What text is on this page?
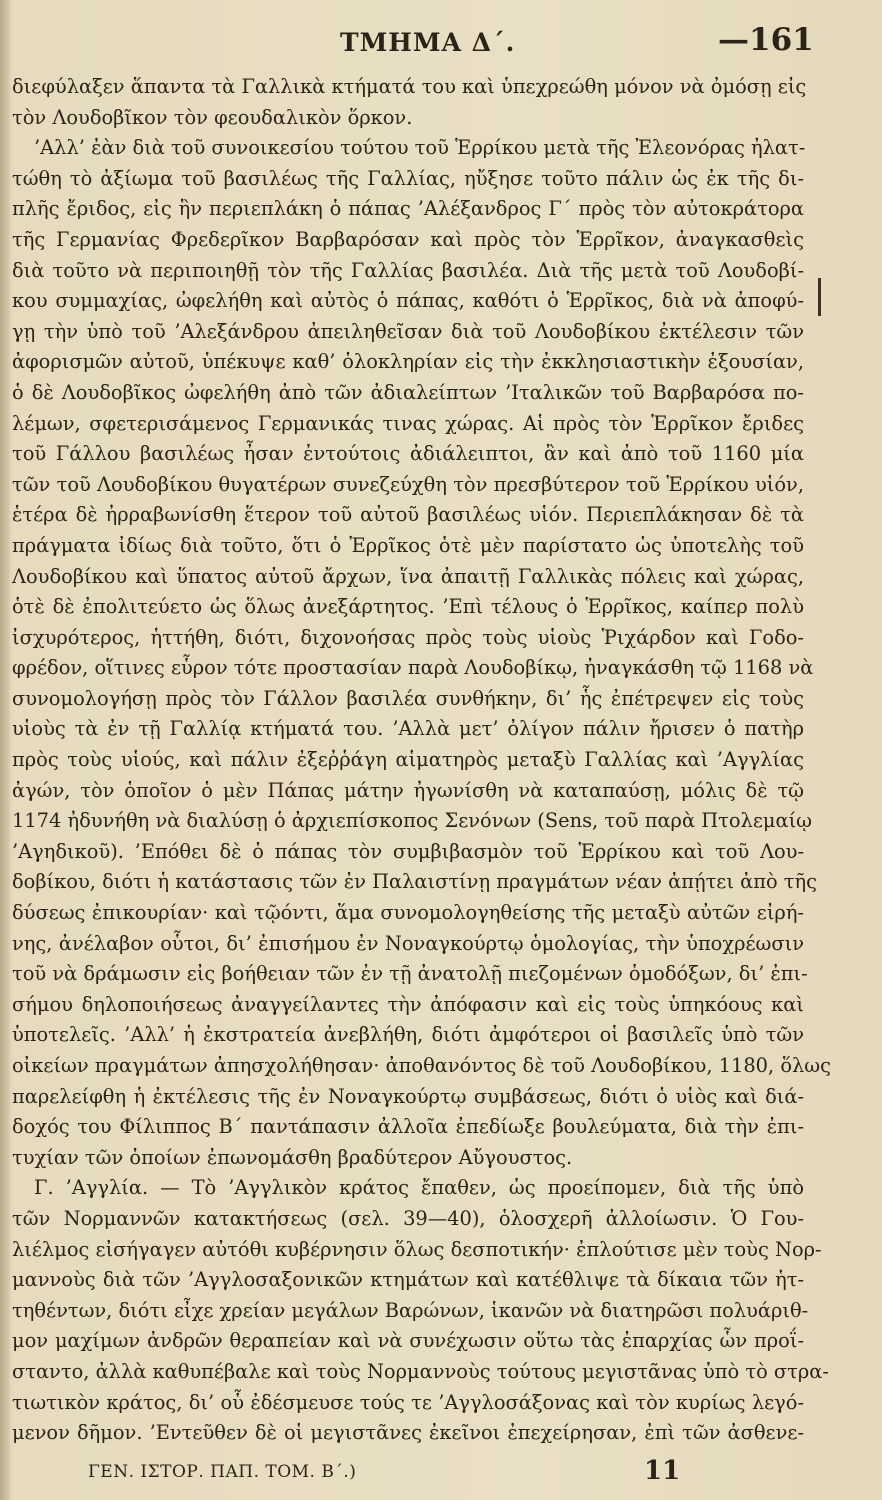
ΤΜΗΜΑ Δ΄.	—161
διεφύλαξεν ἅπαντα τὰ Γαλλικὰ κτήματά του καὶ ὑπεχρεώθη μόνον νὰ ὀμόσῃ εἰς
τὸν Λουδοβῖκον τὸν φεουδαλικὸν ὅρκον.
’Αλλ’ ἐὰν διὰ τοῦ συνοικεσίου τούτου τοῦ Ἑρρίκου μετὰ τῆς Ἐλεονόρας ἠλατ-
τώθη τὸ ἀξίωμα τοῦ βασιλέως τῆς Γαλλίας, ηὔξησε τοῦτο πάλιν ὡς ἐκ τῆς δι-
πλῆς ἔριδος, εἰς ἣν περιεπλάκη ὁ πάπας ’Αλέξανδρος Γ΄ πρὸς τὸν αὐτοκράτορα
τῆς Γερμανίας Φρεδερῖκον Βαρβαρόσαν καὶ πρὸς τὸν Ἑρρῖκον, ἀναγκασθεὶς
διὰ τοῦτο νὰ περιποιηθῇ τὸν τῆς Γαλλίας βασιλέα. Διὰ τῆς μετὰ τοῦ Λουδοβί-
κου συμμαχίας, ὠφελήθη καὶ αὐτὸς ὁ πάπας, καθότι ὁ Ἑρρῖκος, διὰ νὰ ἀποφύ-
γῃ τὴν ὑπὸ τοῦ ’Αλεξάνδρου ἀπειληθεῖσαν διὰ τοῦ Λουδοβίκου ἐκτέλεσιν τῶν
ἀφορισμῶν αὐτοῦ, ὑπέκυψε καθ’ ὁλοκληρίαν εἰς τὴν ἐκκλησιαστικὴν ἐξουσίαν,
ὁ δὲ Λουδοβῖκος ὠφελήθη ἀπὸ τῶν ἀδιαλείπτων ’Ιταλικῶν τοῦ Βαρβαρόσα πο-
λέμων, σφετερισάμενος Γερμανικάς τινας χώρας. Αἱ πρὸς τὸν Ἑρρῖκον ἔριδες
τοῦ Γάλλου βασιλέως ἦσαν ἐντούτοις ἀδιάλειπτοι, ἂν καὶ ἀπὸ τοῦ 1160 μία
τῶν τοῦ Λουδοβίκου θυγατέρων συνεζεύχθη τὸν πρεσβύτερον τοῦ Ἑρρίκου υἱόν,
ἑτέρα δὲ ἠρραβωνίσθη ἕτερον τοῦ αὐτοῦ βασιλέως υἱόν. Περιεπλάκησαν δὲ τὰ
πράγματα ἰδίως διὰ τοῦτο, ὅτι ὁ Ἑρρῖκος ὁτὲ μὲν παρίστατο ὡς ὑποτελὴς τοῦ
Λουδοβίκου καὶ ὕπατος αὐτοῦ ἄρχων, ἵνα ἀπαιτῇ Γαλλικὰς πόλεις καὶ χώρας,
ὁτὲ δὲ ἐπολιτεύετο ὡς ὅλως ἀνεξάρτητος. ’Επὶ τέλους ὁ Ἑρρῖκος, καίπερ πολὺ
ἰσχυρότερος, ἡττήθη, διότι, διχονοήσας πρὸς τοὺς υἱοὺς Ῥιχάρδον καὶ Γοδο-
φρέδον, οἵτινες εὗρον τότε προστασίαν παρὰ Λουδοβίκῳ, ἠναγκάσθη τῷ 1168 νὰ
συνομολογήσῃ πρὸς τὸν Γάλλον βασιλέα συνθήκην, δι’ ἧς ἐπέτρεψεν εἰς τοὺς
υἱοὺς τὰ ἐν τῇ Γαλλίᾳ κτήματά του. ’Αλλὰ μετ’ ὀλίγον πάλιν ἤρισεν ὁ πατὴρ
πρὸς τοὺς υἱούς, καὶ πάλιν ἐξεῤῥάγη αἱματηρὸς μεταξὺ Γαλλίας καὶ ’Αγγλίας
ἀγών, τὸν ὁποῖον ὁ μὲν Πάπας μάτην ἠγωνίσθη νὰ καταπαύσῃ, μόλις δὲ τῷ
1174 ἠδυνήθη νὰ διαλύσῃ ὁ ἀρχιεπίσκοπος Σενόνων (Sens, τοῦ παρὰ Πτολεμαίῳ
’Αγηδικοῦ). ’Επόθει δὲ ὁ πάπας τὸν συμβιβασμὸν τοῦ Ἑρρίκου καὶ τοῦ Λου-
δοβίκου, διότι ἡ κατάστασις τῶν ἐν Παλαιστίνῃ πραγμάτων νέαν ἀπῄτει ἀπὸ τῆς
δύσεως ἐπικουρίαν· καὶ τῷόντι, ἅμα συνομολογηθείσης τῆς μεταξὺ αὐτῶν εἰρή-
νης, ἀνέλαβον οὗτοι, δι’ ἐπισήμου ἐν Νοναγκούρτῳ ὁμολογίας, τὴν ὑποχρέωσιν
τοῦ νὰ δράμωσιν εἰς βοήθειαν τῶν ἐν τῇ ἀνατολῇ πιεζομένων ὁμοδόξων, δι’ ἐπι-
σήμου δηλοποιήσεως ἀναγγείλαντες τὴν ἀπόφασιν καὶ εἰς τοὺς ὑπηκόους καὶ
ὑποτελεῖς. ’Αλλ’ ἡ ἐκστρατεία ἀνεβλήθη, διότι ἀμφότεροι οἱ βασιλεῖς ὑπὸ τῶν
οἰκείων πραγμάτων ἀπησχολήθησαν· ἀποθανόντος δὲ τοῦ Λουδοβίκου, 1180, ὅλως
παρελείφθη ἡ ἐκτέλεσις τῆς ἐν Νοναγκούρτῳ συμβάσεως, διότι ὁ υἱὸς καὶ διά-
δοχός του Φίλιππος Β΄ παντάπασιν ἀλλοῖα ἐπεδίωξε βουλεύματα, διὰ τὴν ἐπι-
τυχίαν τῶν ὁποίων ἐπωνομάσθη βραδύτερον Αὔγουστος.
Γ. ’Αγγλία. — Τὸ ’Αγγλικὸν κράτος ἔπαθεν, ὡς προείπομεν, διὰ τῆς ὑπὸ
τῶν Νορμαννῶν κατακτήσεως (σελ. 39—40), ὁλοσχερῆ ἀλλοίωσιν. Ὁ Γου-
λιέλμος εἰσήγαγεν αὐτόθι κυβέρνησιν ὅλως δεσποτικήν· ἐπλούτισε μὲν τοὺς Νορ-
μαννοὺς διὰ τῶν ’Αγγλοσαξονικῶν κτημάτων καὶ κατέθλιψε τὰ δίκαια τῶν ἡτ-
τηθέντων, διότι εἶχε χρείαν μεγάλων Βαρώνων, ἱκανῶν νὰ διατηρῶσι πολυάριθ-
μον μαχίμων ἀνδρῶν θεραπείαν καὶ νὰ συνέχωσιν οὕτω τὰς ἐπαρχίας ὧν προΐ-
σταντο, ἀλλὰ καθυπέβαλε καὶ τοὺς Νορμαννοὺς τούτους μεγιστᾶνας ὑπὸ τὸ στρα-
τιωτικὸν κράτος, δι’ οὗ ἐδέσμευσε τούς τε ’Αγγλοσάξονας καὶ τὸν κυρίως λεγό-
μενον δῆμον. ’Εντεῦθεν δὲ οἱ μεγιστᾶνες ἐκεῖνοι ἐπεχείρησαν, ἐπὶ τῶν ἀσθενε-
ΓΕΝ. ΙΣΤΟΡ. ΠΑΠ. ΤΟΜ. Β΄.)	11
